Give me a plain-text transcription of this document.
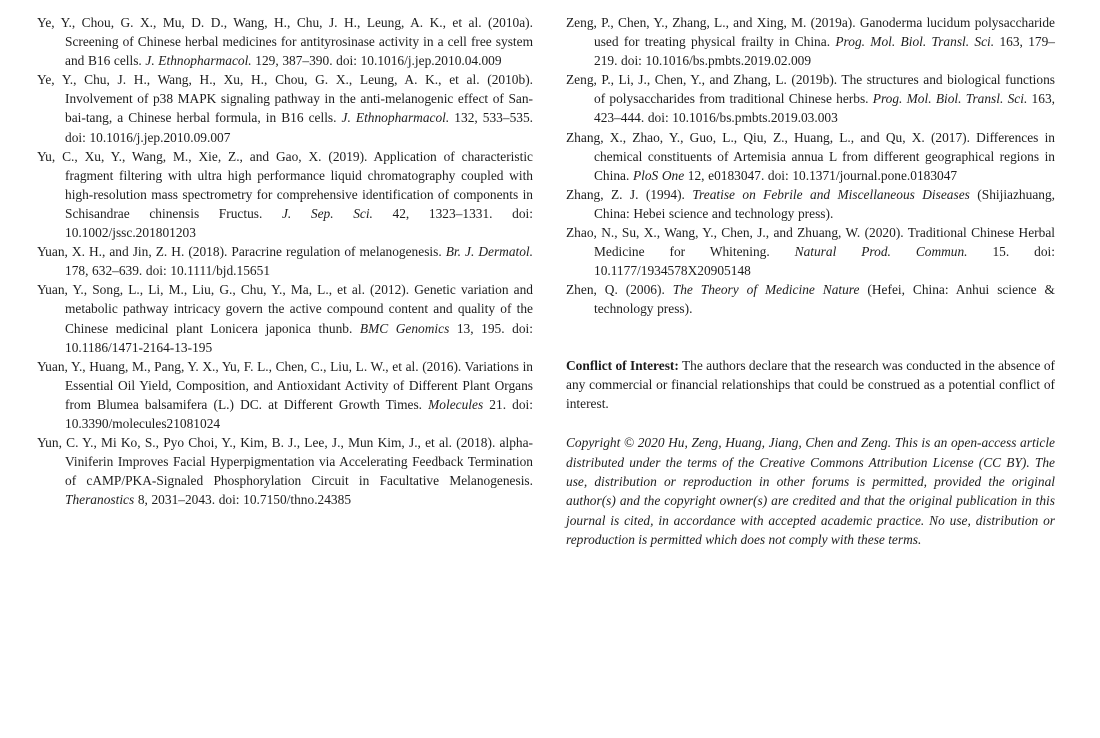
Ye, Y., Chou, G. X., Mu, D. D., Wang, H., Chu, J. H., Leung, A. K., et al. (2010a). Screening of Chinese herbal medicines for antityrosinase activity in a cell free system and B16 cells. J. Ethnopharmacol. 129, 387–390. doi: 10.1016/j.jep.2010.04.009

Ye, Y., Chu, J. H., Wang, H., Xu, H., Chou, G. X., Leung, A. K., et al. (2010b). Involvement of p38 MAPK signaling pathway in the anti-melanogenic effect of San-bai-tang, a Chinese herbal formula, in B16 cells. J. Ethnopharmacol. 132, 533–535. doi: 10.1016/j.jep.2010.09.007

Yu, C., Xu, Y., Wang, M., Xie, Z., and Gao, X. (2019). Application of characteristic fragment filtering with ultra high performance liquid chromatography coupled with high-resolution mass spectrometry for comprehensive identification of components in Schisandrae chinensis Fructus. J. Sep. Sci. 42, 1323–1331. doi: 10.1002/jssc.201801203

Yuan, X. H., and Jin, Z. H. (2018). Paracrine regulation of melanogenesis. Br. J. Dermatol. 178, 632–639. doi: 10.1111/bjd.15651

Yuan, Y., Song, L., Li, M., Liu, G., Chu, Y., Ma, L., et al. (2012). Genetic variation and metabolic pathway intricacy govern the active compound content and quality of the Chinese medicinal plant Lonicera japonica thunb. BMC Genomics 13, 195. doi: 10.1186/1471-2164-13-195

Yuan, Y., Huang, M., Pang, Y. X., Yu, F. L., Chen, C., Liu, L. W., et al. (2016). Variations in Essential Oil Yield, Composition, and Antioxidant Activity of Different Plant Organs from Blumea balsamifera (L.) DC. at Different Growth Times. Molecules 21. doi: 10.3390/molecules21081024

Yun, C. Y., Mi Ko, S., Pyo Choi, Y., Kim, B. J., Lee, J., Mun Kim, J., et al. (2018). alpha-Viniferin Improves Facial Hyperpigmentation via Accelerating Feedback Termination of cAMP/PKA-Signaled Phosphorylation Circuit in Facultative Melanogenesis. Theranostics 8, 2031–2043. doi: 10.7150/thno.24385

Zeng, P., Chen, Y., Zhang, L., and Xing, M. (2019a). Ganoderma lucidum polysaccharide used for treating physical frailty in China. Prog. Mol. Biol. Transl. Sci. 163, 179–219. doi: 10.1016/bs.pmbts.2019.02.009

Zeng, P., Li, J., Chen, Y., and Zhang, L. (2019b). The structures and biological functions of polysaccharides from traditional Chinese herbs. Prog. Mol. Biol. Transl. Sci. 163, 423–444. doi: 10.1016/bs.pmbts.2019.03.003

Zhang, X., Zhao, Y., Guo, L., Qiu, Z., Huang, L., and Qu, X. (2017). Differences in chemical constituents of Artemisia annua L from different geographical regions in China. PloS One 12, e0183047. doi: 10.1371/journal.pone.0183047

Zhang, Z. J. (1994). Treatise on Febrile and Miscellaneous Diseases (Shijiazhuang, China: Hebei science and technology press).

Zhao, N., Su, X., Wang, Y., Chen, J., and Zhuang, W. (2020). Traditional Chinese Herbal Medicine for Whitening. Natural Prod. Commun. 15. doi: 10.1177/1934578X20905148

Zhen, Q. (2006). The Theory of Medicine Nature (Hefei, China: Anhui science & technology press).

Conflict of Interest: The authors declare that the research was conducted in the absence of any commercial or financial relationships that could be construed as a potential conflict of interest.

Copyright © 2020 Hu, Zeng, Huang, Jiang, Chen and Zeng. This is an open-access article distributed under the terms of the Creative Commons Attribution License (CC BY). The use, distribution or reproduction in other forums is permitted, provided the original author(s) and the copyright owner(s) are credited and that the original publication in this journal is cited, in accordance with accepted academic practice. No use, distribution or reproduction is permitted which does not comply with these terms.
